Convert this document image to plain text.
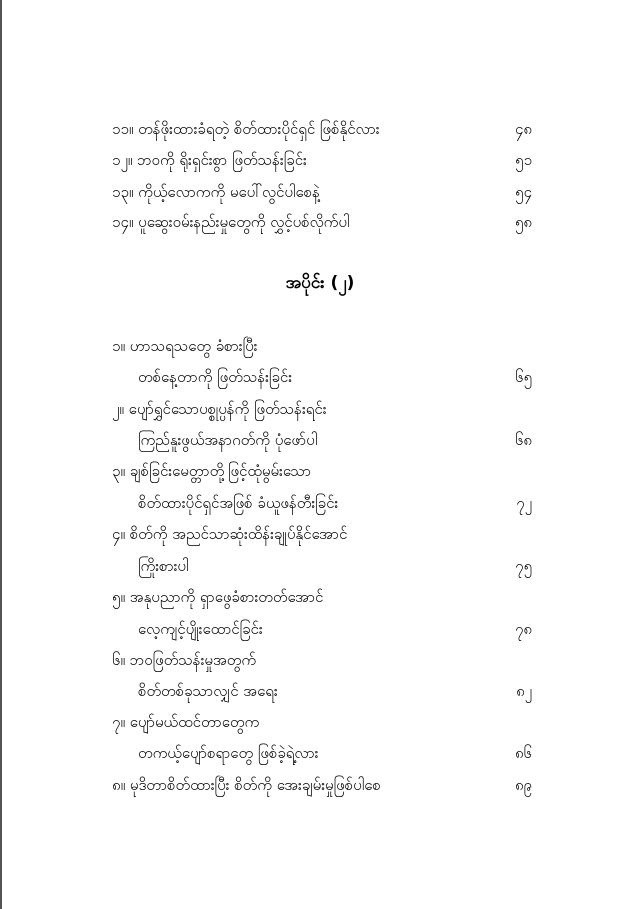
၁၁။ တန်ဖိုးထားခံရတဲ့ စိတ်ထားပိုင်ရှင် ဖြစ်နိုင်လား	၄၈
၁၂။ ဘဝကို ရိုးရှင်းစွာ ဖြတ်သန်းခြင်း	၅၁
၁၃။ ကိုယ့်လောကကို မပေါ်လွင်ပါစေနဲ့	၅၄
၁၄။ ပူဆွေးဝမ်းနည်းမှုတွေကို လွှင့်ပစ်လိုက်ပါ	၅၈
အပိုင်း (၂)
၁။ ဟာသရသတွေ ခံစားပြီး
တစ်နေ့တာကို ဖြတ်သန်းခြင်း	၆၅
၂။ ပျော်ရွှင်သောပစ္စုပ္ပန်ကို ဖြတ်သန်းရင်း
ကြည်နူးဖွယ်အနာဂတ်ကို ပုံဖော်ပါ	၆၈
၃။ ချစ်ခြင်းမေတ္တာတို့ဖြင့်ထုံမွမ်းသော
စိတ်ထားပိုင်ရှင်အဖြစ် ခံယူဖန်တီးခြင်း	၇၂
၄။ စိတ်ကို အညင်သာဆုံးထိန်းချုပ်နိုင်အောင်
ကြိုးစားပါ	၇၅
၅။ အနုပညာကို ရှာဖွေခံစားတတ်အောင်
လေ့ကျင့်ပျိုးထောင်ခြင်း	၇၈
၆။ ဘဝဖြတ်သန်းမှုအတွက်
စိတ်တစ်ခုသာလျှင် အရေး	၈၂
၇။ ပျော်မယ်ထင်တာတွေက
တကယ့်ပျော်စရာတွေ ဖြစ်ခဲ့ရဲ့လား	၈၆
၈။ မုဒိတာစိတ်ထားပြီး စိတ်ကို အေးချမ်းမှုဖြစ်ပါစေ	၈၉
